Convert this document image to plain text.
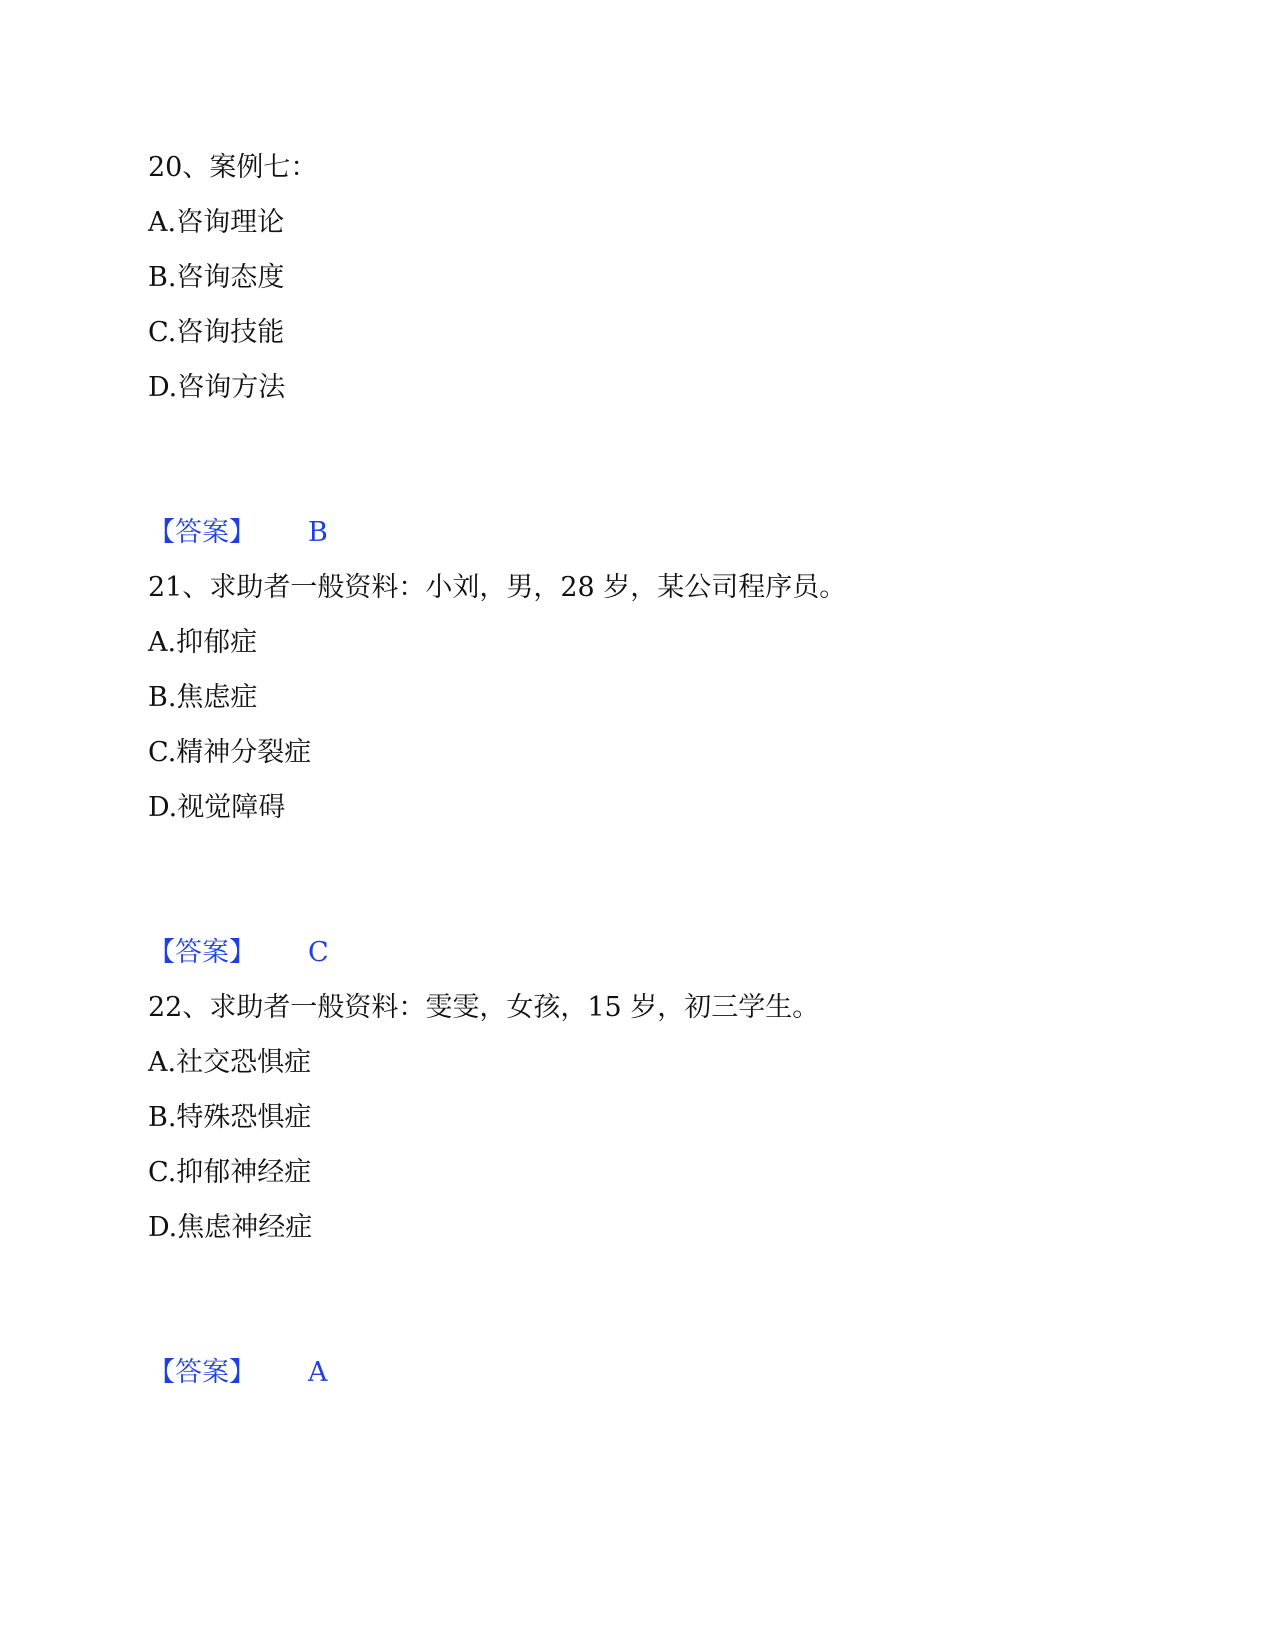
20、案例七：
A.咨询理论
B.咨询态度
C.咨询技能
D.咨询方法
【答案】 B
21、求助者一般资料：小刘，男，28 岁，某公司程序员。
A.抑郁症
B.焦虑症
C.精神分裂症
D.视觉障碍
【答案】 C
22、求助者一般资料：雯雯，女孩，15 岁，初三学生。
A.社交恐惧症
B.特殊恐惧症
C.抑郁神经症
D.焦虑神经症
【答案】 A
